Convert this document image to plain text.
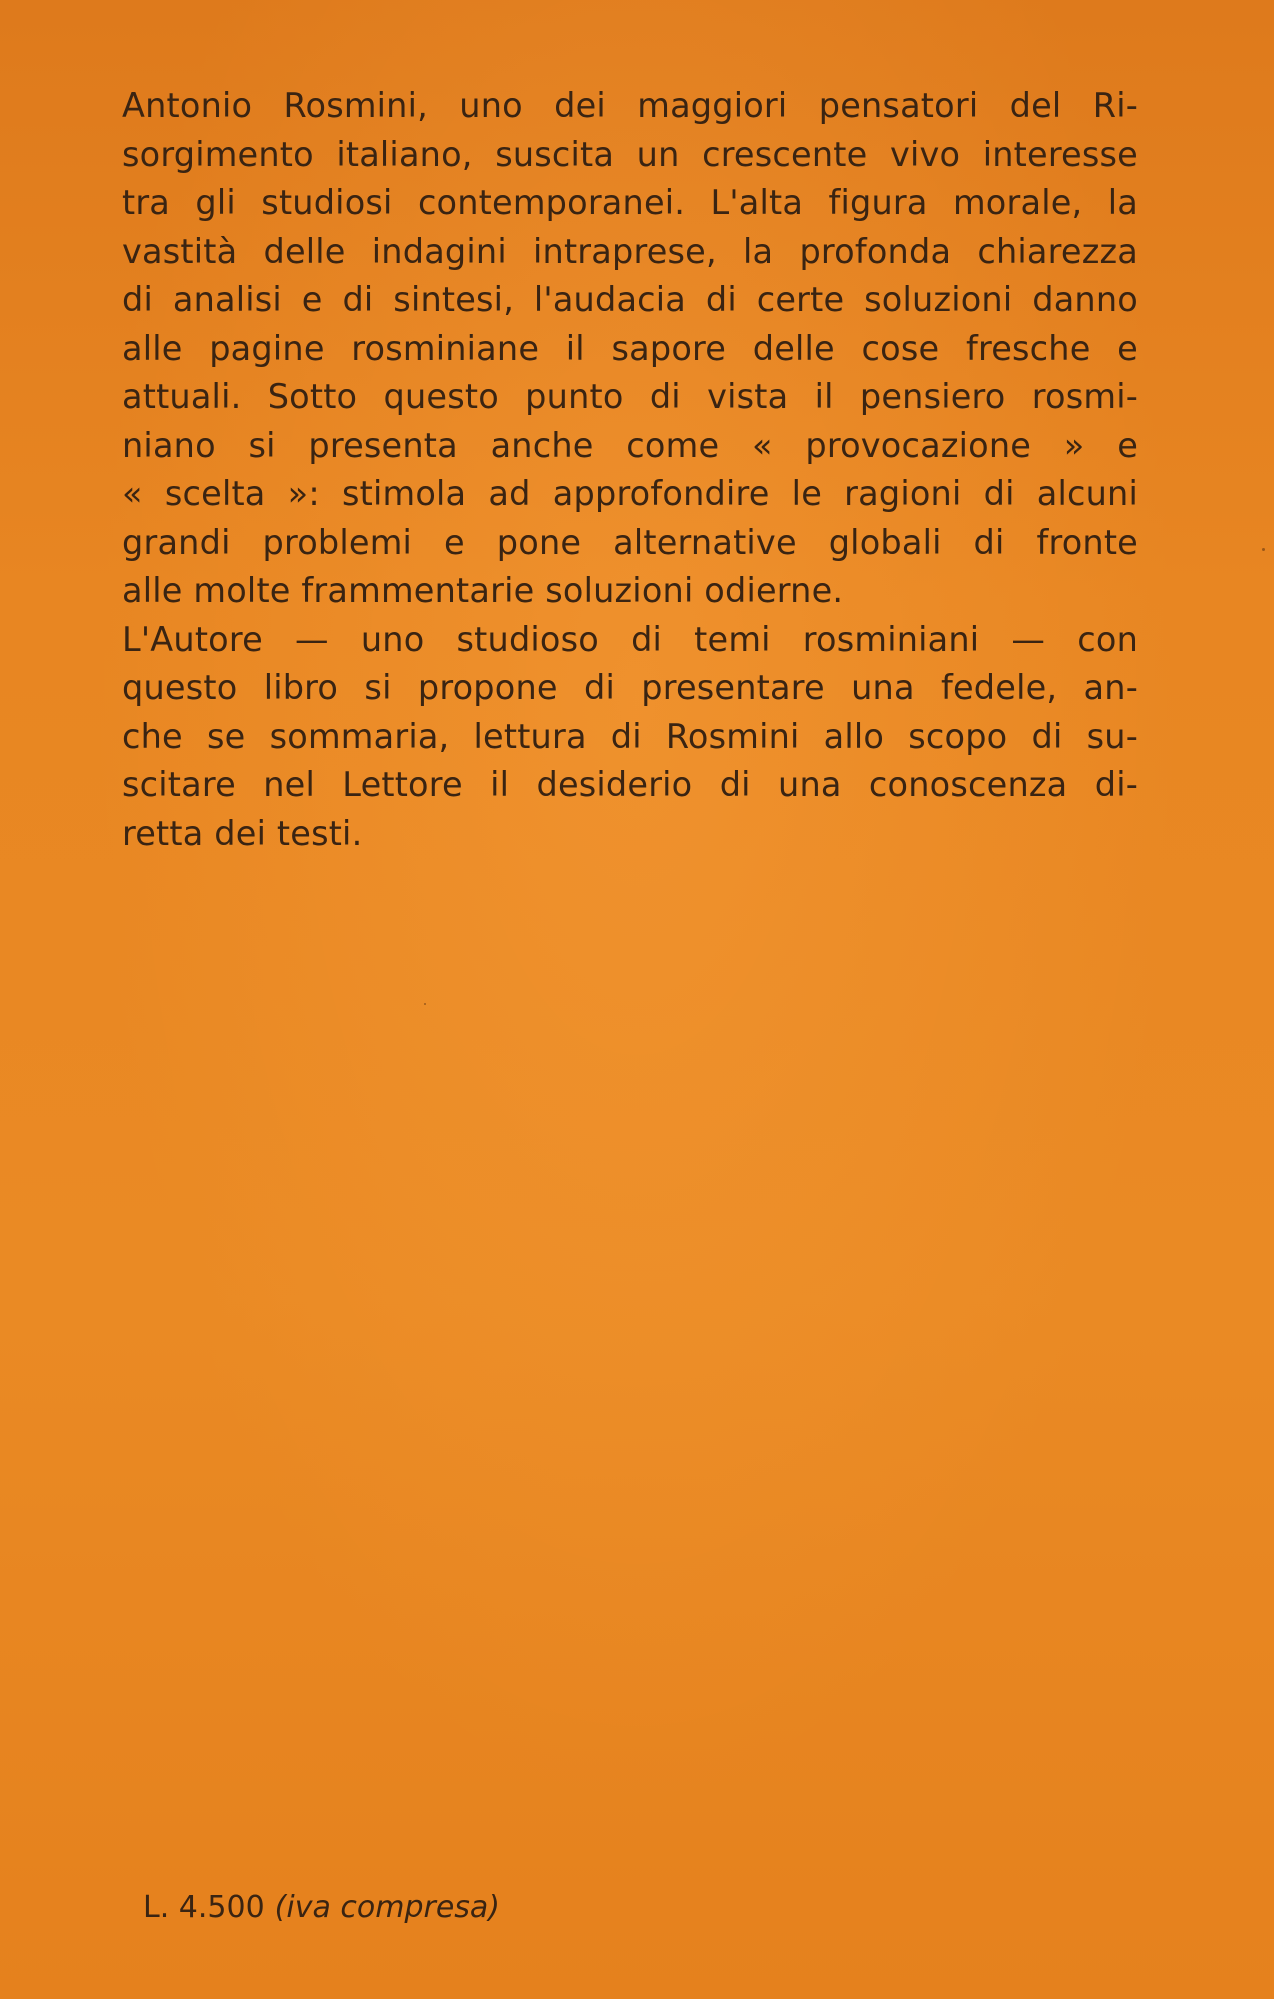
Antonio Rosmini, uno dei maggiori pensatori del Ri-
sorgimento italiano, suscita un crescente vivo interesse
tra gli studiosi contemporanei. L'alta figura morale, la
vastità delle indagini intraprese, la profonda chiarezza
di analisi e di sintesi, l'audacia di certe soluzioni danno
alle pagine rosminiane il sapore delle cose fresche e
attuali. Sotto questo punto di vista il pensiero rosmi-
niano si presenta anche come « provocazione » e
« scelta »: stimola ad approfondire le ragioni di alcuni
grandi problemi e pone alternative globali di fronte
alle molte frammentarie soluzioni odierne.
L'Autore — uno studioso di temi rosminiani — con
questo libro si propone di presentare una fedele, an-
che se sommaria, lettura di Rosmini allo scopo di su-
scitare nel Lettore il desiderio di una conoscenza di-
retta dei testi.
L. 4.500 (iva compresa)
